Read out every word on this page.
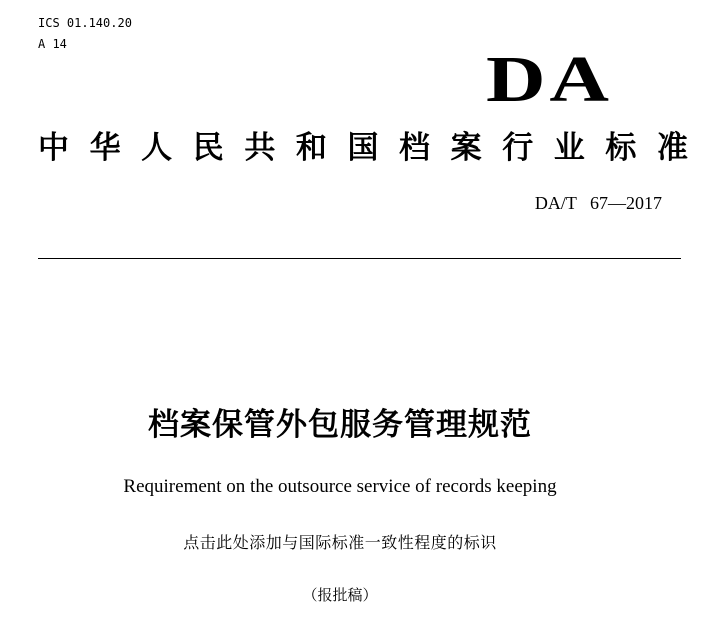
ICS 01.140.20
A 14	DA
中 华 人 民 共 和 国 档 案 行 业 标 准
DA/T   67—2017
档案保管外包服务管理规范
Requirement on the outsource service of records keeping
点击此处添加与国际标准一致性程度的标识
（报批稿）
